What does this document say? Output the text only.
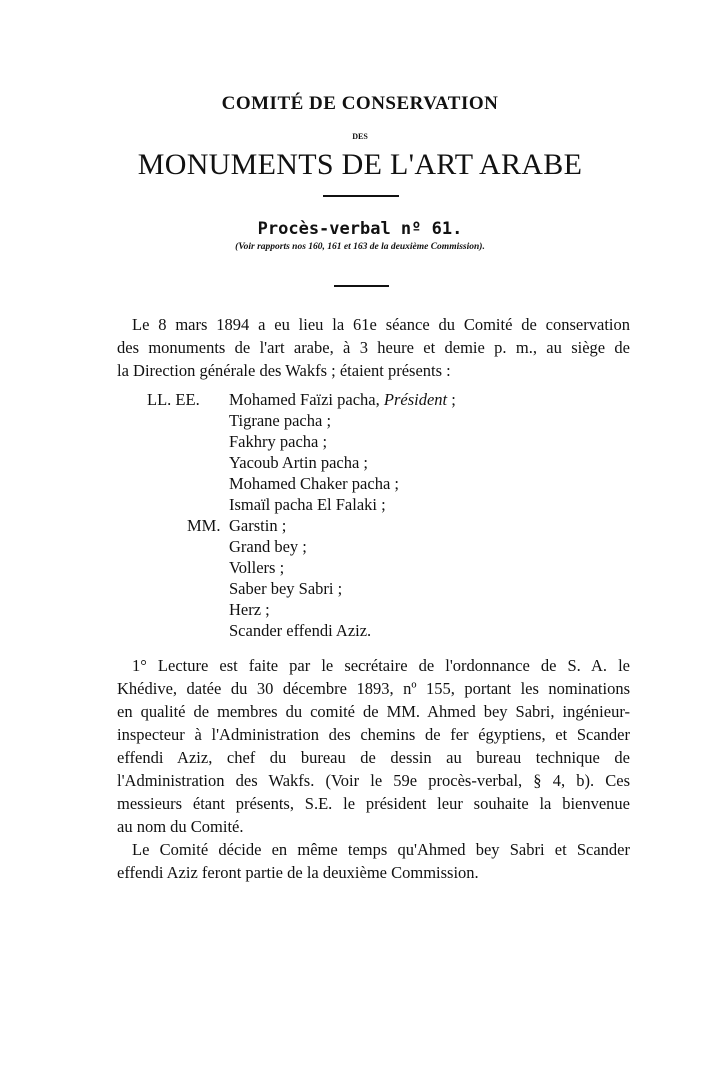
COMITÉ DE CONSERVATION
DES
MONUMENTS DE L'ART ARABE
Procès-verbal nº 61.
(Voir rapports nos 160, 161 et 163 de la deuxième Commission).
Le 8 mars 1894 a eu lieu la 61e séance du Comité de conservation
des monuments de l'art arabe, à 3 heure et demie p. m., au siège de
la Direction générale des Wakfs ; étaient présents :
LL. EE. Mohamed Faïzi pacha, Président ;
Tigrane pacha ;
Fakhry pacha ;
Yacoub Artin pacha ;
Mohamed Chaker pacha ;
Ismaïl pacha El Falaki ;
MM. Garstin ;
Grand bey ;
Vollers ;
Saber bey Sabri ;
Herz ;
Scander effendi Aziz.
1° Lecture est faite par le secrétaire de l'ordonnance de S. A. le
Khédive, datée du 30 décembre 1893, nº 155, portant les nominations
en qualité de membres du comité de MM. Ahmed bey Sabri, ingénieur-
inspecteur à l'Administration des chemins de fer égyptiens, et Scander
effendi Aziz, chef du bureau de dessin au bureau technique de
l'Administration des Wakfs. (Voir le 59e procès-verbal, § 4, b). Ces
messieurs étant présents, S.E. le président leur souhaite la bienvenue
au nom du Comité.
Le Comité décide en même temps qu'Ahmed bey Sabri et Scander
effendi Aziz feront partie de la deuxième Commission.
